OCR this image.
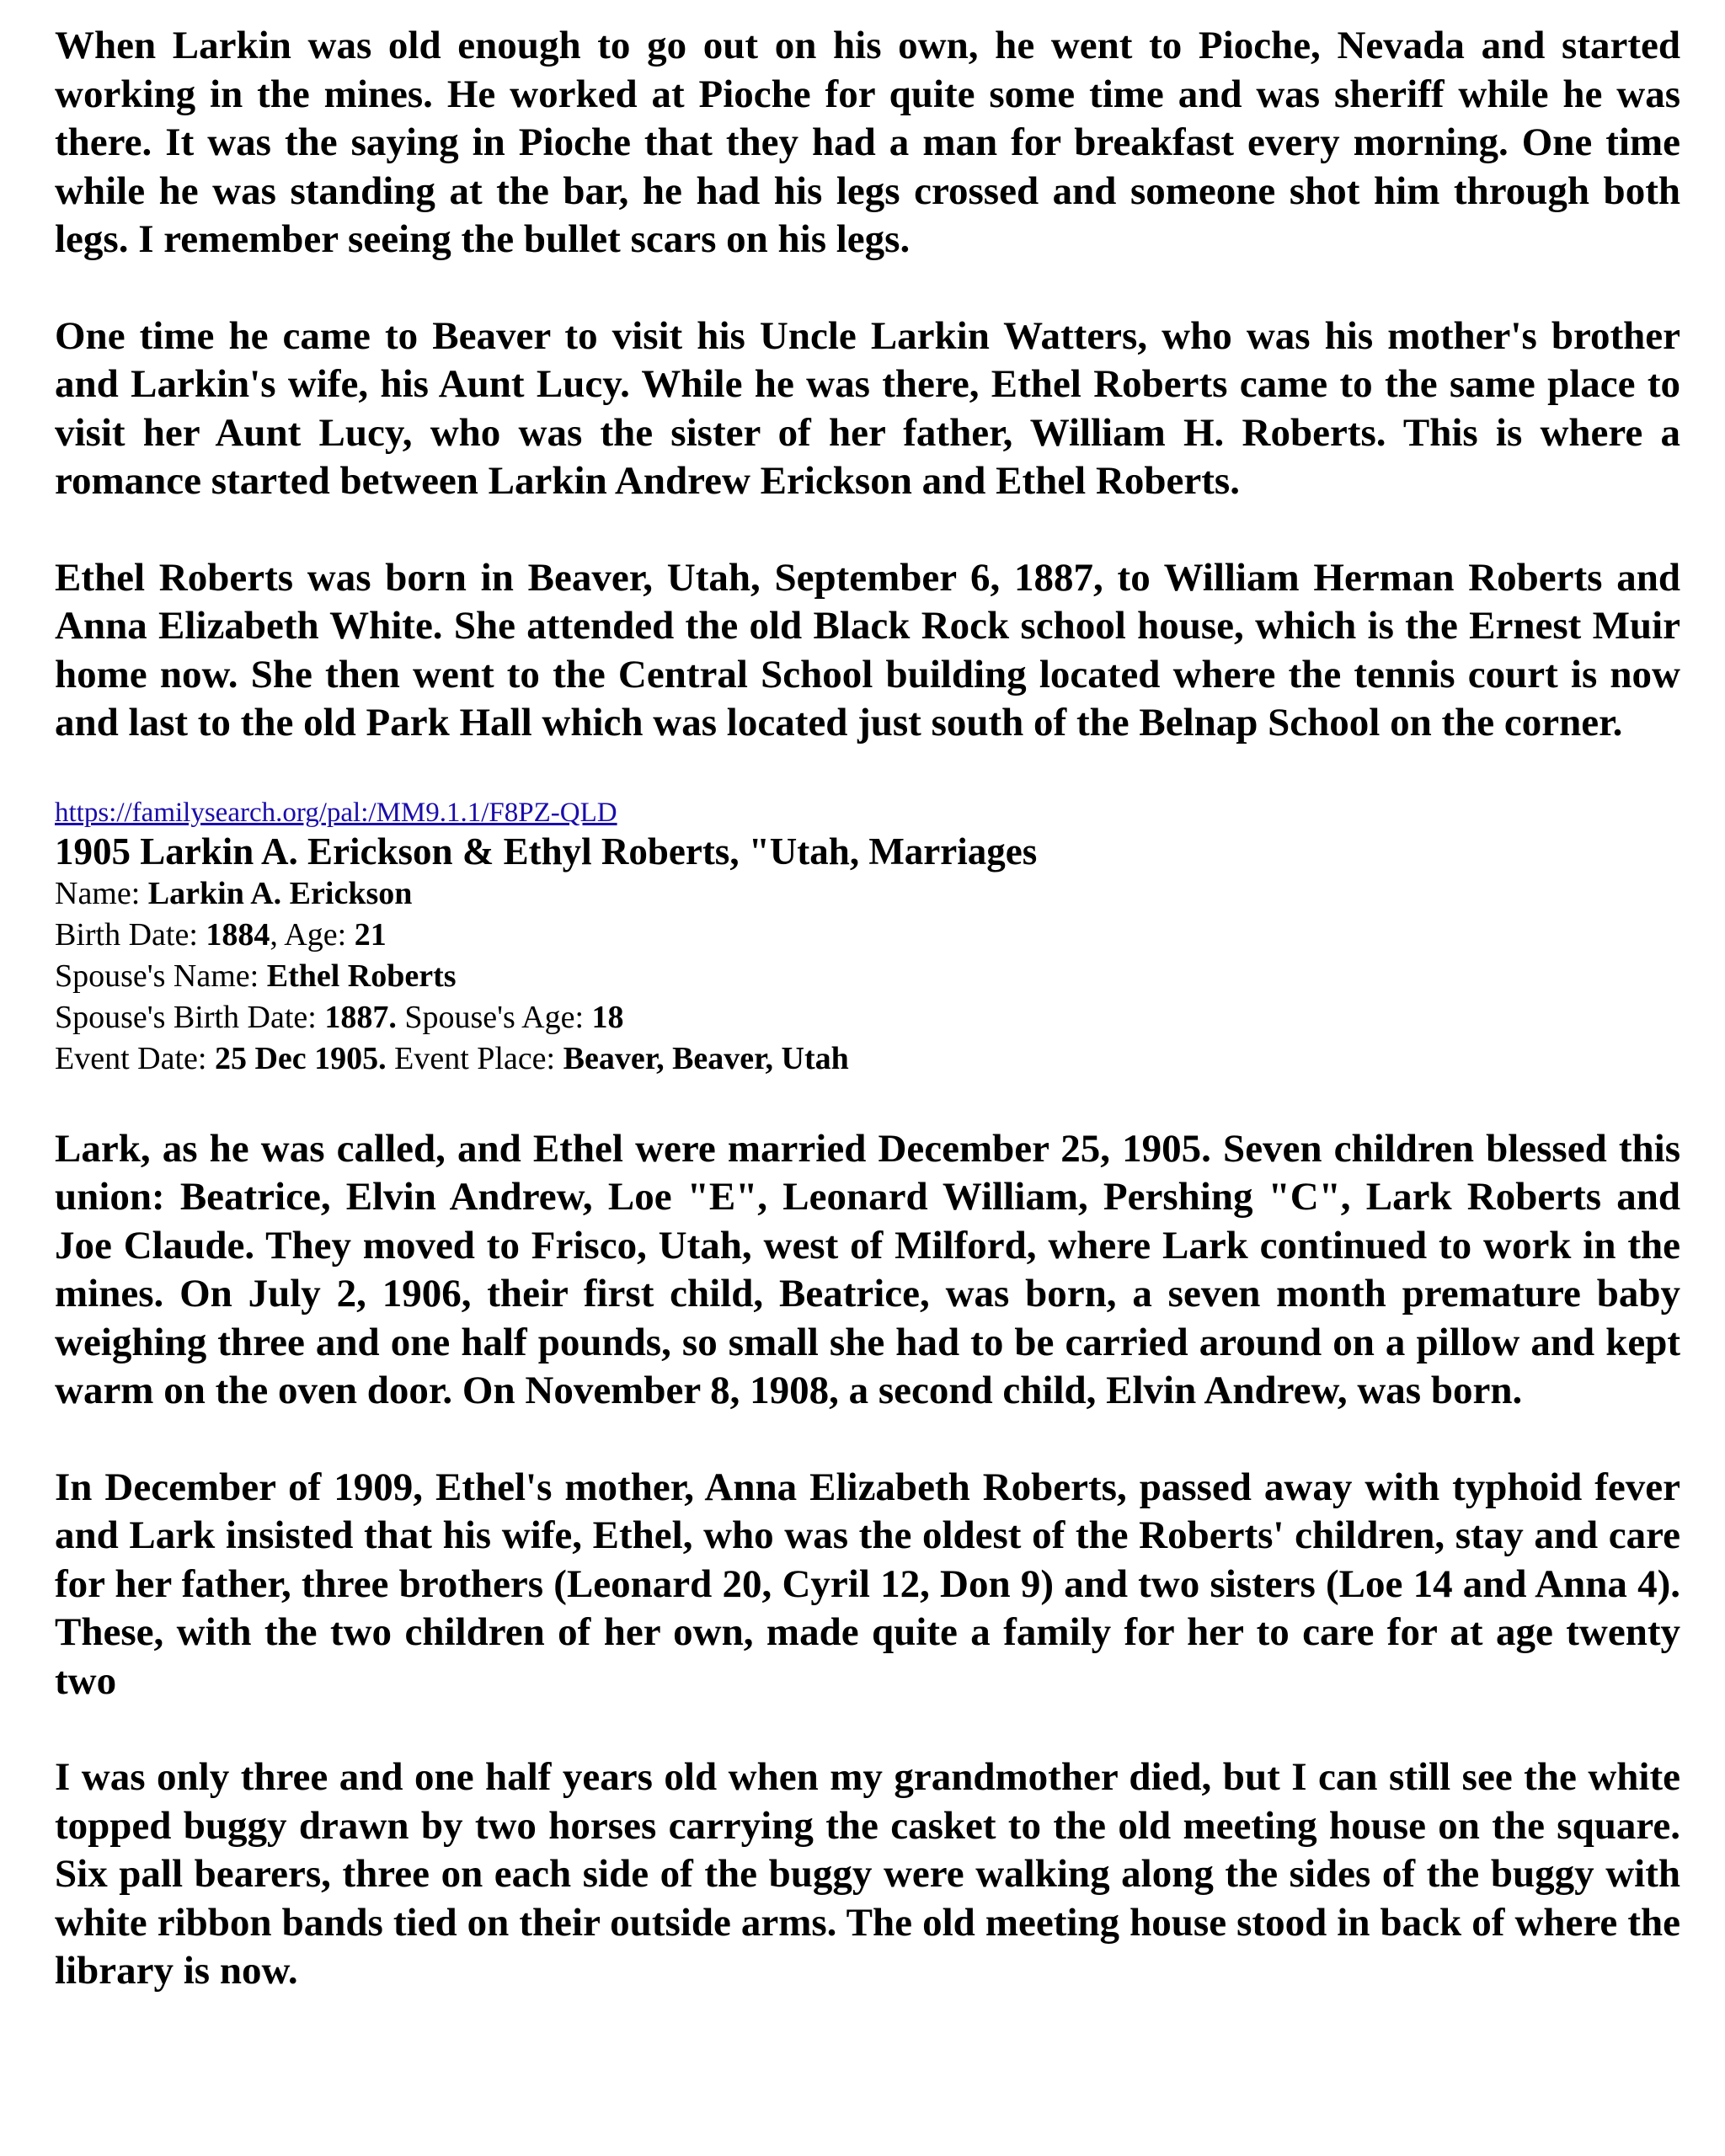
When Larkin was old enough to go out on his own, he went to Pioche, Nevada and started working in the mines. He worked at Pioche for quite some time and was sheriff while he was there. It was the saying in Pioche that they had a man for breakfast every morning. One time while he was standing at the bar, he had his legs crossed and someone shot him through both legs. I remember seeing the bullet scars on his legs.

One time he came to Beaver to visit his Uncle Larkin Watters, who was his mother's brother and Larkin's wife, his Aunt Lucy. While he was there, Ethel Roberts came to the same place to visit her Aunt Lucy, who was the sister of her father, William H. Roberts. This is where a romance started between Larkin Andrew Erickson and Ethel Roberts.

Ethel Roberts was born in Beaver, Utah, September 6, 1887, to William Herman Roberts and Anna Elizabeth White. She attended the old Black Rock school house, which is the Ernest Muir home now. She then went to the Central School building located where the tennis court is now and last to the old Park Hall which was located just south of the Belnap School on the corner.

https://familysearch.org/pal:/MM9.1.1/F8PZ-QLD

1905 Larkin A. Erickson & Ethyl Roberts, "Utah, Marriages

Name: Larkin A. Erickson

Birth Date: 1884, Age: 21

Spouse's Name: Ethel Roberts

Spouse's Birth Date: 1887. Spouse's Age: 18

Event Date: 25 Dec 1905. Event Place: Beaver, Beaver, Utah

Lark, as he was called, and Ethel were married December 25, 1905. Seven children blessed this union: Beatrice, Elvin Andrew, Loe "E", Leonard William, Pershing "C", Lark Roberts and Joe Claude. They moved to Frisco, Utah, west of Milford, where Lark continued to work in the mines. On July 2, 1906, their first child, Beatrice, was born, a seven month premature baby weighing three and one half pounds, so small she had to be carried around on a pillow and kept warm on the oven door. On November 8, 1908, a second child, Elvin Andrew, was born.

In December of 1909, Ethel's mother, Anna Elizabeth Roberts, passed away with typhoid fever and Lark insisted that his wife, Ethel, who was the oldest of the Roberts' children, stay and care for her father, three brothers (Leonard 20, Cyril 12, Don 9) and two sisters (Loe 14 and Anna 4). These, with the two children of her own, made quite a family for her to care for at age twenty two

I was only three and one half years old when my grandmother died, but I can still see the white topped buggy drawn by two horses carrying the casket to the old meeting house on the square. Six pall bearers, three on each side of the buggy were walking along the sides of the buggy with white ribbon bands tied on their outside arms. The old meeting house stood in back of where the library is now.
